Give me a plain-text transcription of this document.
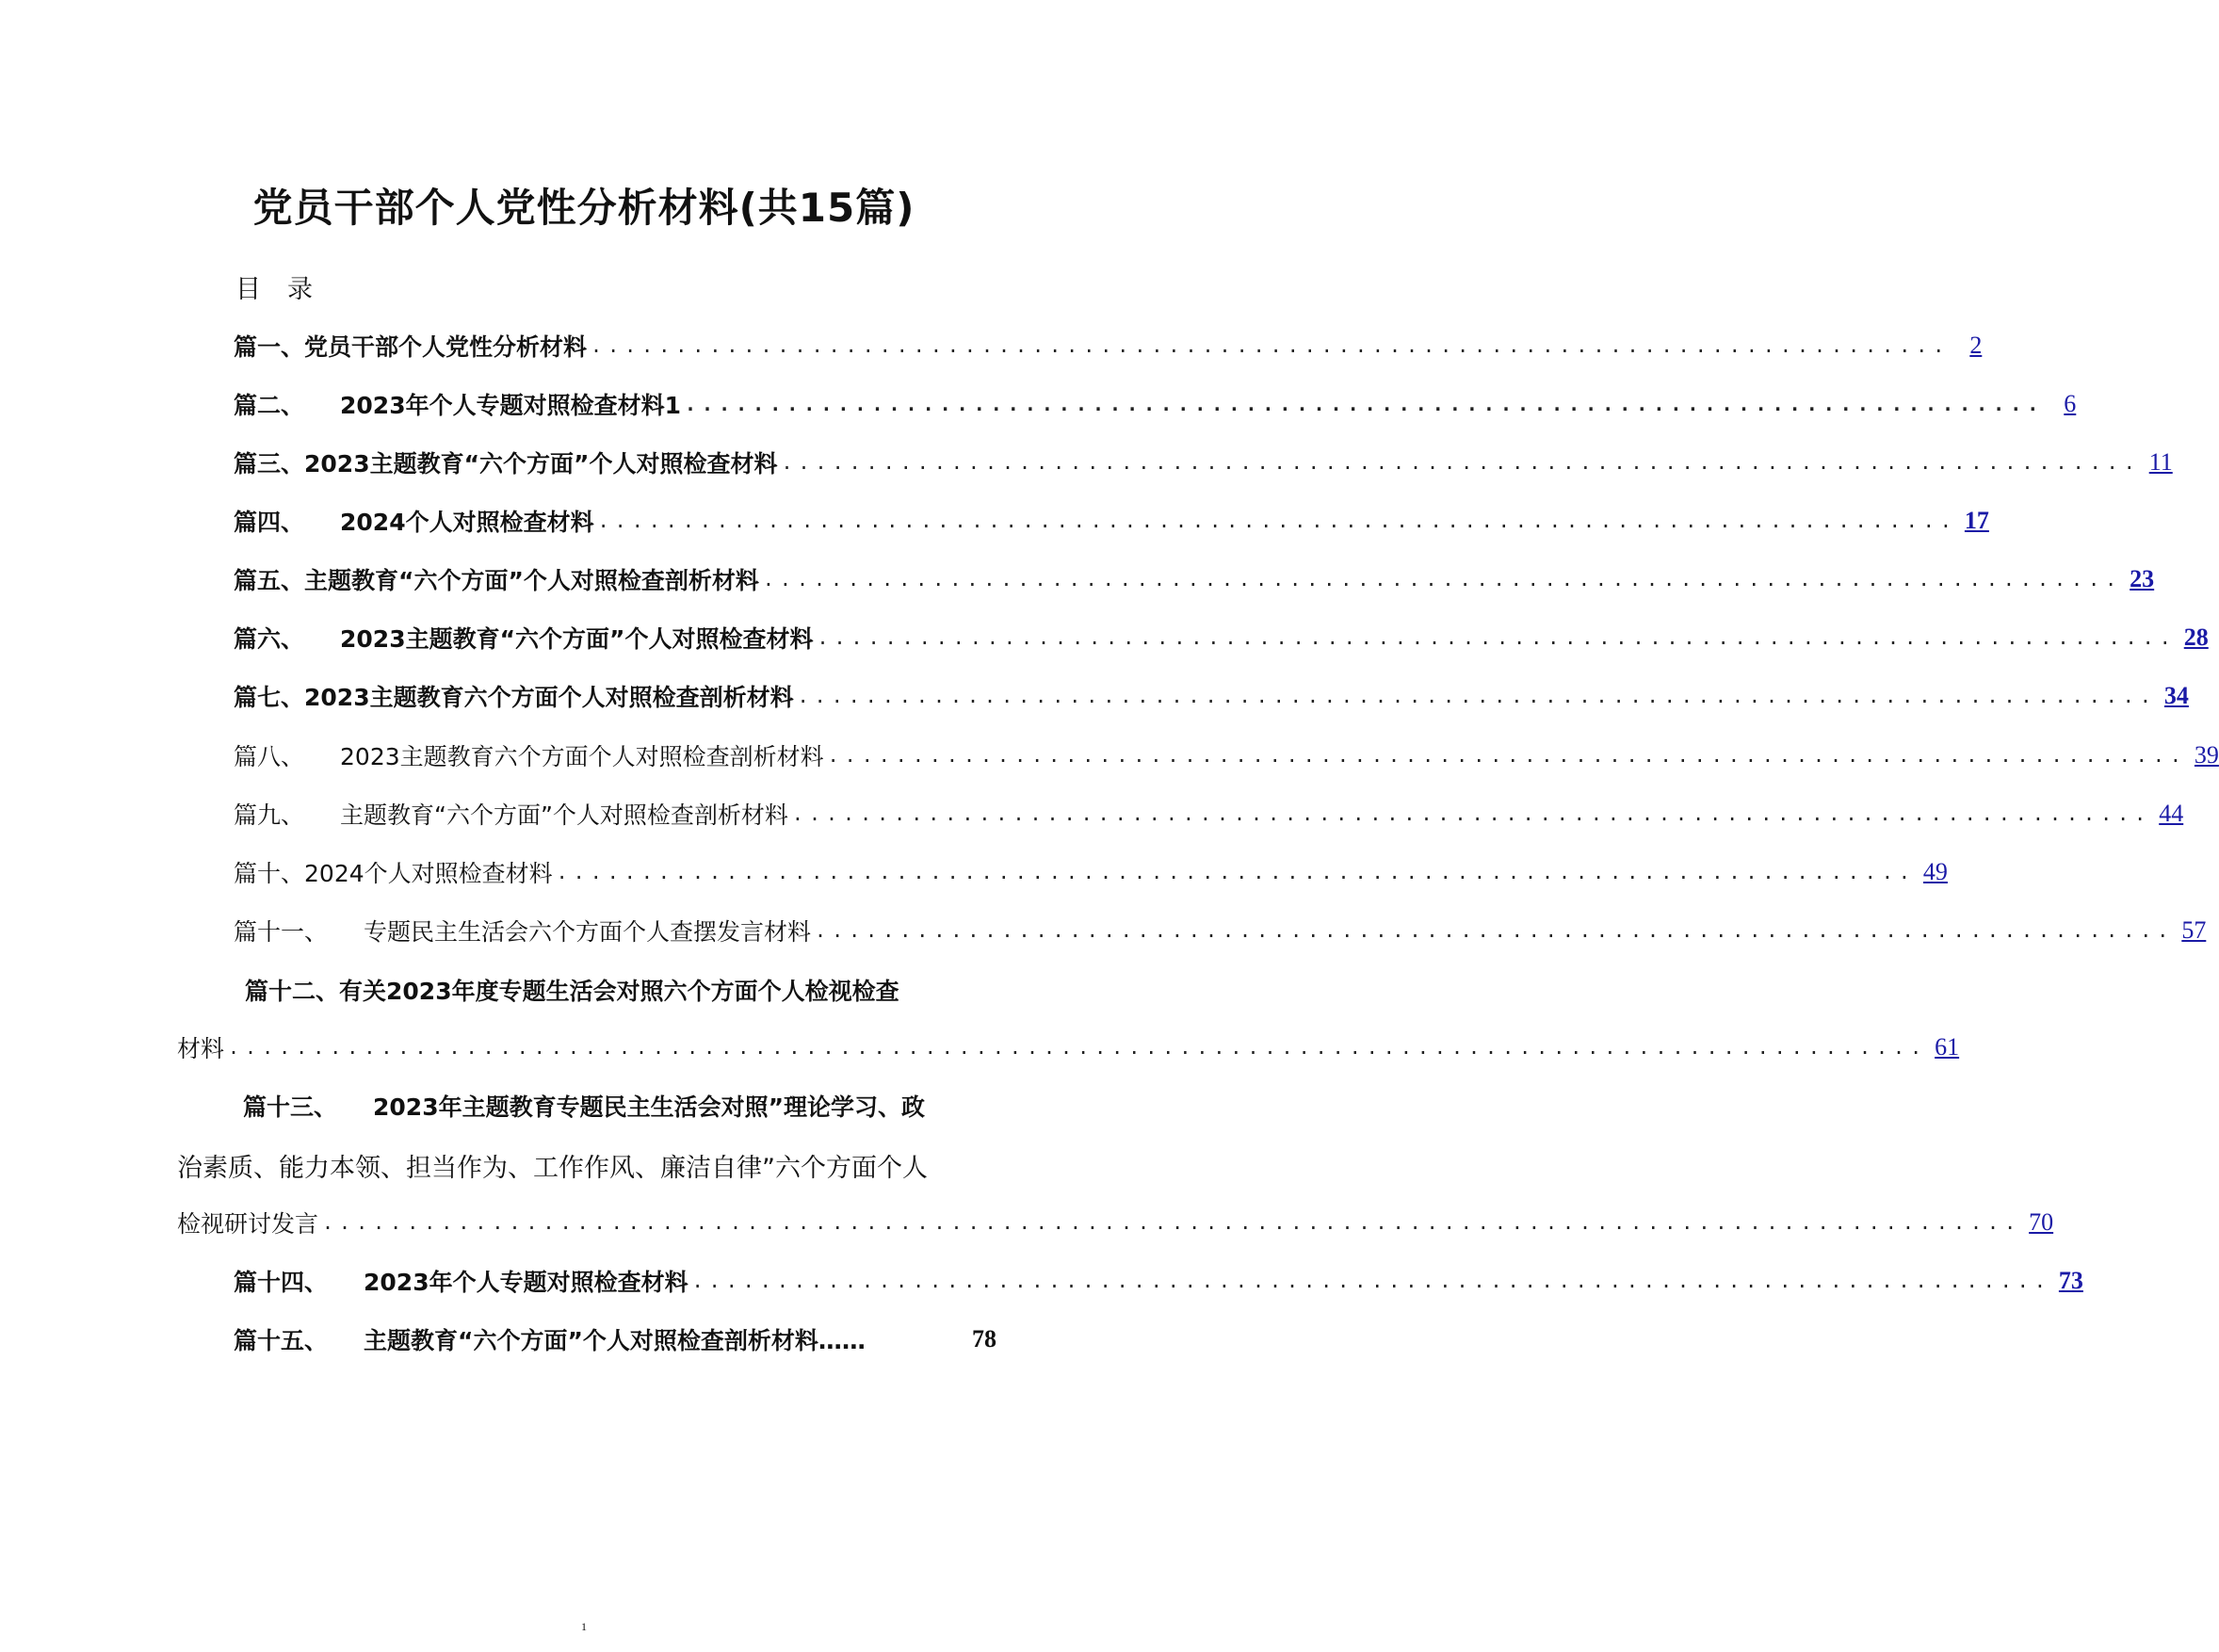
党员干部个人党性分析材料(共15篇)
目 录
篇一、党员干部个人党性分析材料 ................................................................................ 2
篇二、 2023年个人专题对照检查材料1 ................................................................................ 6
篇三、2023主题教育“六个方面”个人对照检查材料 ................................................................................ 11
篇四、 2024个人对照检查材料 ................................................................................ 17
篇五、主题教育“六个方面”个人对照检查剖析材料 ................................................................................ 23
篇六、 2023主题教育“六个方面”个人对照检查材料 ................................................................................ 28
篇七、2023主题教育六个方面个人对照检查剖析材料 ................................................................................ 34
篇八、 2023主题教育六个方面个人对照检查剖析材料 ................................................................................ 39
篇九、 主题教育“六个方面”个人对照检查剖析材料 ................................................................................ 44
篇十、2024个人对照检查材料 ................................................................................ 49
篇十一、 专题民主生活会六个方面个人查摆发言材料 ................................................................................ 57
篇十二、有关2023年度专题生活会对照六个方面个人检视检查
材料 .................................................................................................... 61
篇十三、 2023年主题教育专题民主生活会对照”理论学习、政
治素质、能力本领、担当作为、工作作风、廉洁自律”六个方面个人
检视研讨发言 .................................................................................................... 70
篇十四、 2023年个人专题对照检查材料 ................................................................................ 73
篇十五、 主题教育“六个方面”个人对照检查剖析材料……	78
1
